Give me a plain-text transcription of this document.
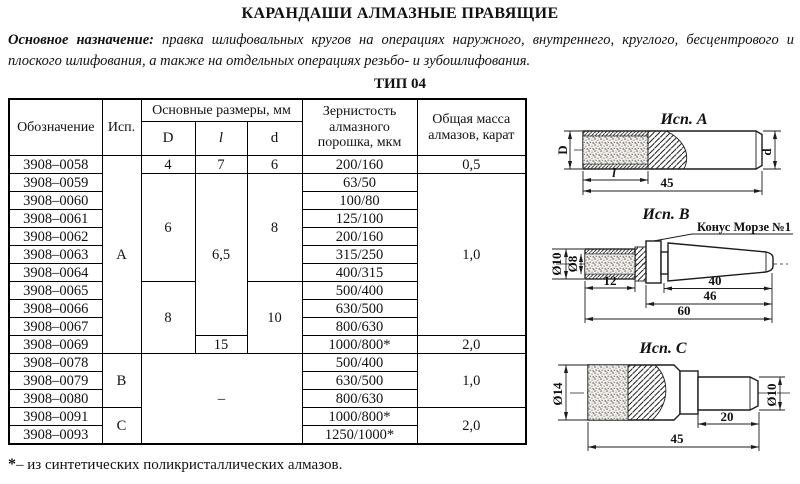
КАРАНДАШИ АЛМАЗНЫЕ ПРАВЯЩИЕ

Основное назначение: правка шлифовальных кругов на операциях наружного, внутреннего, круглого, бесцентрового и плоского шлифования, а также на отдельных операциях резьбо- и зубошлифования.

ТИП 04
Обозначение	Исп.	Основные размеры, мм			Зернистость алмазного порошка, мкм	Общая масса алмазов, карат
		D	l	d		
3908–0058	А	4	7	6	200/160	0,5
3908–0059		6	6,5	8	63/50	1,0
3908–0060					100/80	
3908–0061					125/100	
3908–0062					200/160	
3908–0063					315/250	
3908–0064					400/315	
3908–0065		8		10	500/400	
3908–0066					630/500	
3908–0067					800/630	
3908–0069			15		1000/800*	2,0
3908–0078	В	–			500/400	1,0
3908–0079					630/500	
3908–0080					800/630	
3908–0091	С				1000/800*	2,0
3908–0093					1250/1000*	

*– из синтетических поликристаллических алмазов.

Исп. А
D	d
l
45
Исп. В
Конус Морзе №1
Ø10 Ø8
12	40
46
60
Исп. С
Ø14	Ø10
20
45
